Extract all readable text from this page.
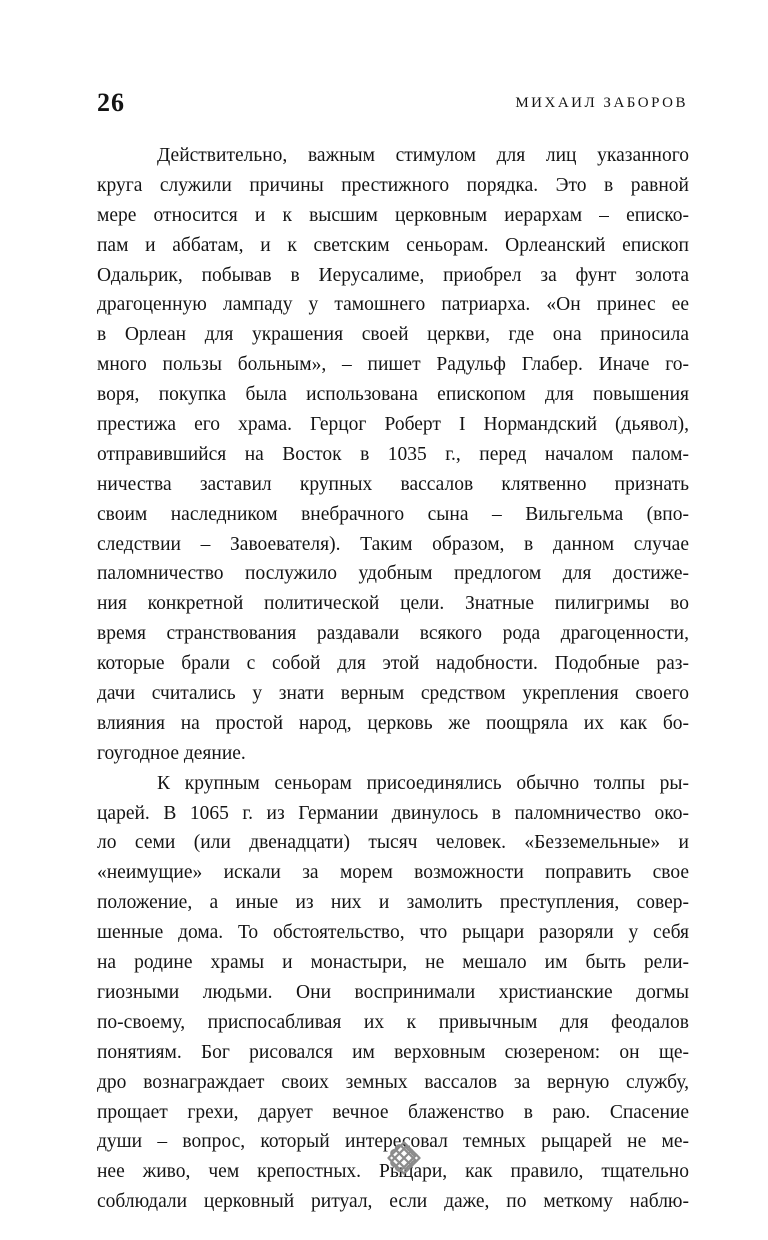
26	МИХАИЛ ЗАБОРОВ
Действительно, важным стимулом для лиц указанного
круга служили причины престижного порядка. Это в равной
мере относится и к высшим церковным иерархам – еписко-
пам и аббатам, и к светским сеньорам. Орлеанский епископ
Одальрик, побывав в Иерусалиме, приобрел за фунт золота
драгоценную лампаду у тамошнего патриарха. «Он принес ее
в Орлеан для украшения своей церкви, где она приносила
много пользы больным», – пишет Радульф Глабер. Иначе го-
воря, покупка была использована епископом для повышения
престижа его храма. Герцог Роберт I Нормандский (дьявол),
отправившийся на Восток в 1035 г., перед началом палом-
ничества заставил крупных вассалов клятвенно признать
своим наследником внебрачного сына – Вильгельма (впо-
следствии – Завоевателя). Таким образом, в данном случае
паломничество послужило удобным предлогом для достиже-
ния конкретной политической цели. Знатные пилигримы во
время странствования раздавали всякого рода драгоценности,
которые брали с собой для этой надобности. Подобные раз-
дачи считались у знати верным средством укрепления своего
влияния на простой народ, церковь же поощряла их как бо-
гоугодное деяние.
К крупным сеньорам присоединялись обычно толпы ры-
царей. В 1065 г. из Германии двинулось в паломничество око-
ло семи (или двенадцати) тысяч человек. «Безземельные» и
«неимущие» искали за морем возможности поправить свое
положение, а иные из них и замолить преступления, совер-
шенные дома. То обстоятельство, что рыцари разоряли у себя
на родине храмы и монастыри, не мешало им быть рели-
гиозными людьми. Они воспринимали христианские догмы
по-своему, приспосабливая их к привычным для феодалов
понятиям. Бог рисовался им верховным сюзереном: он ще-
дро вознаграждает своих земных вассалов за верную службу,
прощает грехи, дарует вечное блаженство в раю. Спасение
души – вопрос, который интересовал темных рыцарей не ме-
нее живо, чем крепостных. Рыцари, как правило, тщательно
соблюдали церковный ритуал, если даже, по меткому наблю-
